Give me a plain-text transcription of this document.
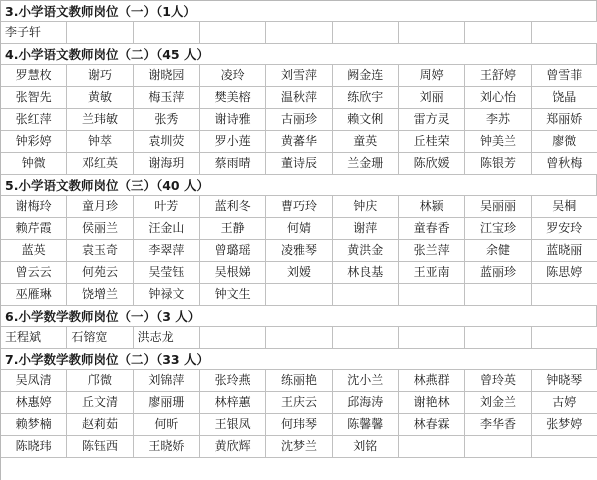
3.小学语文教师岗位（一）（1人）
李子轩
4.小学语文教师岗位（二）（45 人）
罗慧枚	谢巧	谢晓园	凌玲	刘雪萍	阙金连	周婷	王舒婷	曾雪菲
张智先	黄敏	梅玉萍	樊美榕	温秋萍	练欣宇	刘丽	刘心怡	饶晶
张红萍	兰玮敏	张秀	谢诗雅	古丽珍	赖文俐	雷方灵	李苏	郑丽娇
钟彩婷	钟萃	袁圳荧	罗小莲	黄蕃华	童英	丘桂荣	钟美兰	廖微
钟微	邓红英	谢海玥	蔡雨晴	董诗辰	兰金珊	陈欣媛	陈银芳	曾秋梅
5.小学语文教师岗位（三）（40 人）
谢梅玲	童月珍	叶芳	蓝利冬	曹巧玲	钟庆	林颍	吴丽丽	吴桐
赖芹霞	侯丽兰	汪金山	王静	何婧	谢萍	童春香	江宝珍	罗安玲
蓝英	袁玉奇	李翠萍	曾璐瑶	凌雅琴	黄洪金	张兰萍	余健	蓝晓丽
曾云云	何苑云	吴莹钰	吴根娣	刘嫒	林良基	王亚南	蓝丽珍	陈思婷
巫雁琳	饶增兰	钟禄文	钟文生
6.小学数学教师岗位（一）（3 人）
王程斌	石镕宽	洪志龙
7.小学数学教师岗位（二）（33 人）
吴凤清	邝微	刘锦萍	张玲燕	练丽艳	沈小兰	林燕群	曾玲英	钟晓琴
林惠婷	丘文清	廖丽珊	林梓蕙	王庆云	邱海涛	谢艳林	刘金兰	古婷
赖梦楠	赵莉茹	何昕	王银凤	何玮琴	陈馨馨	林春霖	李华香	张梦婷
陈晓玮	陈钰西	王晓娇	黄欣辉	沈梦兰	刘铭
